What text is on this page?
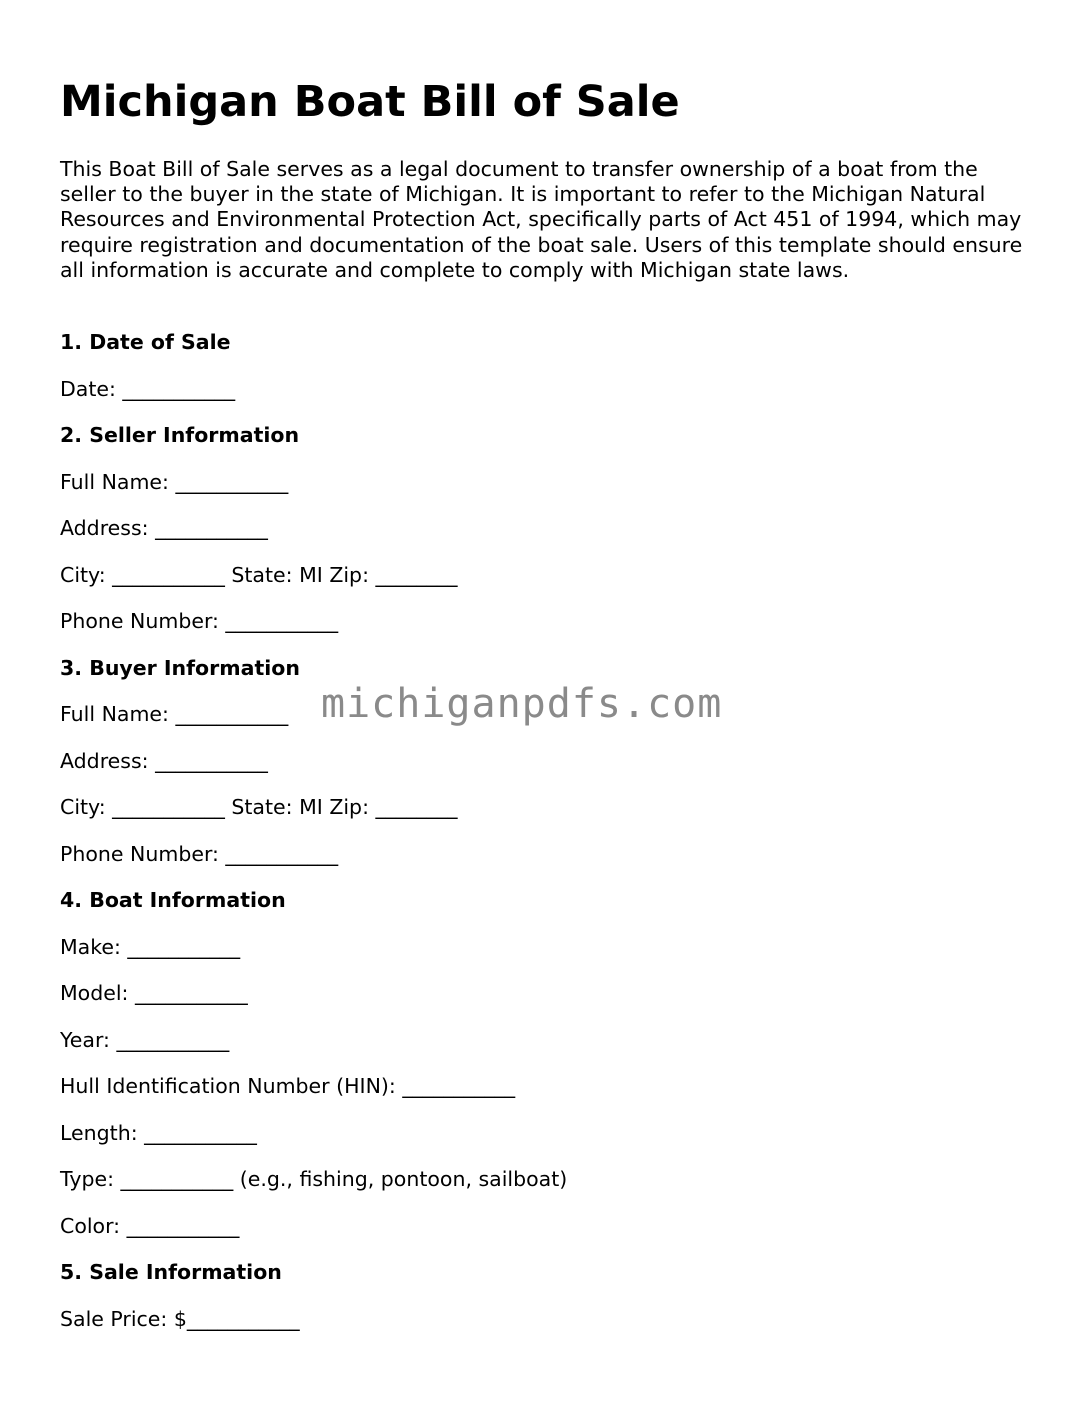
Michigan Boat Bill of Sale

This Boat Bill of Sale serves as a legal document to transfer ownership of a boat from the seller to the buyer in the state of Michigan. It is important to refer to the Michigan Natural Resources and Environmental Protection Act, specifically parts of Act 451 of 1994, which may require registration and documentation of the boat sale. Users of this template should ensure all information is accurate and complete to comply with Michigan state laws.

1. Date of Sale
Date: ___________
2. Seller Information
Full Name: ___________
Address: ___________
City: ___________ State: MI Zip: ________
Phone Number: ___________
3. Buyer Information
Full Name: ___________
Address: ___________
City: ___________ State: MI Zip: ________
Phone Number: ___________
4. Boat Information
Make: ___________
Model: ___________
Year: ___________
Hull Identification Number (HIN): ___________
Length: ___________
Type: ___________ (e.g., fishing, pontoon, sailboat)
Color: ___________
5. Sale Information
Sale Price: $___________
michiganpdfs.com
